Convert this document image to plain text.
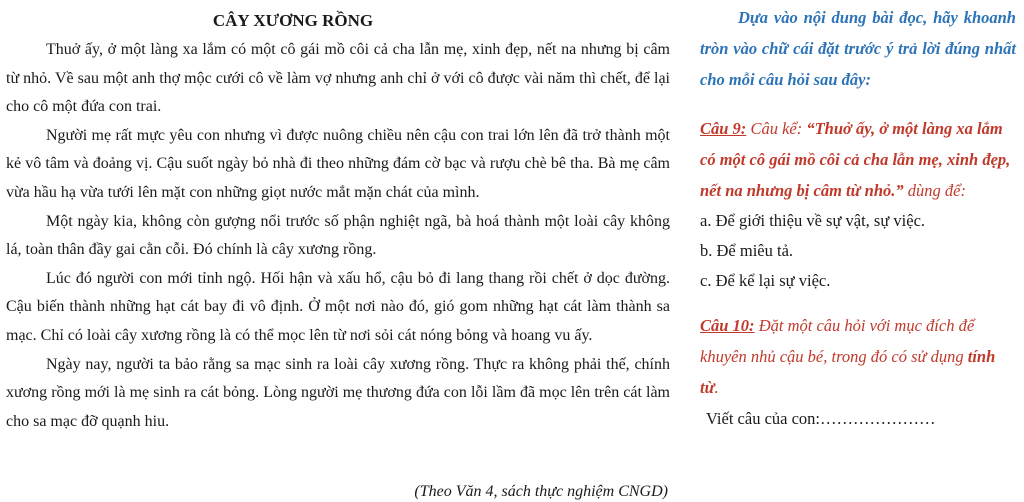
CÂY XƯƠNG RỒNG

Thuở ấy, ở một làng xa lắm có một cô gái mồ côi cả cha lẫn mẹ, xinh đẹp, nết na nhưng bị câm từ nhỏ. Về sau một anh thợ mộc cưới cô về làm vợ nhưng anh chỉ ở với cô được vài năm thì chết, để lại cho cô một đứa con trai.

Người mẹ rất mực yêu con nhưng vì được nuông chiều nên cậu con trai lớn lên đã trở thành một kẻ vô tâm và đoảng vị. Cậu suốt ngày bỏ nhà đi theo những đám cờ bạc và rượu chè bê tha. Bà mẹ câm vừa hầu hạ vừa tưới lên mặt con những giọt nước mắt mặn chát của mình.

Một ngày kia, không còn gượng nổi trước số phận nghiệt ngã, bà hoá thành một loài cây không lá, toàn thân đầy gai cằn cỗi. Đó chính là cây xương rồng.

Lúc đó người con mới tỉnh ngộ. Hối hận và xấu hổ, cậu bỏ đi lang thang rồi chết ở dọc đường. Cậu biến thành những hạt cát bay đi vô định. Ở một nơi nào đó, gió gom những hạt cát làm thành sa mạc. Chỉ có loài cây xương rồng là có thể mọc lên từ nơi sỏi cát nóng bỏng và hoang vu ấy.

Ngày nay, người ta bảo rằng sa mạc sinh ra loài cây xương rồng. Thực ra không phải thế, chính xương rồng mới là mẹ sinh ra cát bỏng. Lòng người mẹ thương đứa con lỗi lầm đã mọc lên trên cát làm cho sa mạc đỡ quạnh hiu.

(Theo Văn 4, sách thực nghiệm CNGD)

Dựa vào nội dung bài đọc, hãy khoanh tròn vào chữ cái đặt trước ý trả lời đúng nhất cho mỗi câu hỏi sau đây:

Câu 9: Câu kể: “Thuở ấy, ở một làng xa lắm có một cô gái mồ côi cả cha lẫn mẹ, xinh đẹp, nết na nhưng bị câm từ nhỏ.” dùng để:

a. Để giới thiệu về sự vật, sự việc.

b. Để miêu tả.

c. Để kể lại sự việc.

Câu 10: Đặt một câu hỏi với mục đích để khuyên nhủ cậu bé, trong đó có sử dụng tính từ.

Viết câu của con:…………………
